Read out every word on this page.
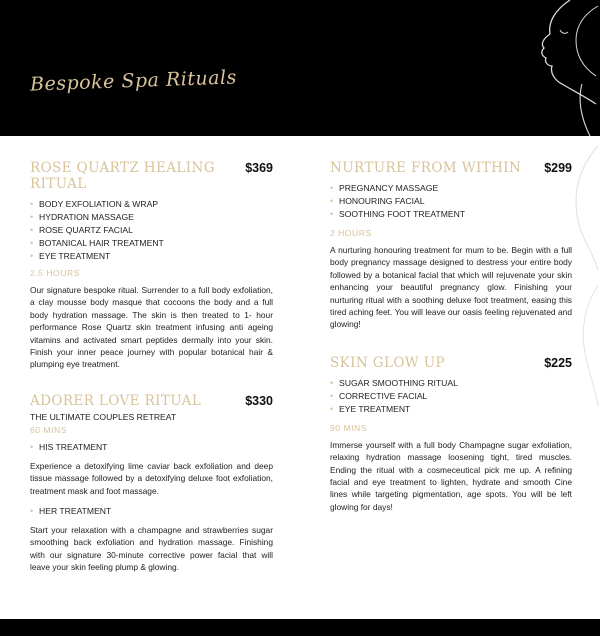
Bespoke Spa Rituals
ROSE QUARTZ HEALING RITUAL
$369
• BODY EXFOLIATION & WRAP
• HYDRATION MASSAGE
• ROSE QUARTZ FACIAL
• BOTANICAL HAIR TREATMENT
• EYE TREATMENT
2.5 HOURS

Our signature bespoke ritual. Surrender to a full body exfoliation, a clay mousse body masque that cocoons the body and a full body hydration massage. The skin is then treated to 1- hour performance Rose Quartz skin treatment infusing anti ageing vitamins and activated smart peptides dermally into your skin. Finish your inner peace journey with popular botanical hair & plumping eye treatment.

ADORER LOVE RITUAL	$330
THE ULTIMATE COUPLES RETREAT
60 MINS
• HIS TREATMENT

Experience a detoxifying lime caviar back exfoliation and deep tissue massage followed by a detoxifying deluxe foot exfoliation, treatment mask and foot massage.

• HER TREATMENT

Start your relaxation with a champagne and strawberries sugar smoothing back exfoliation and hydration massage. Finishing with our signature 30-minute corrective power facial that will leave your skin feeling plump & glowing.

NURTURE FROM WITHIN $299
• PREGNANCY MASSAGE
• HONOURING FACIAL
• SOOTHING FOOT TREATMENT
2 HOURS

A nurturing honouring treatment for mum to be. Begin with a full body pregnancy massage designed to destress your entire body followed by a botanical facial that which will rejuvenate your skin enhancing your beautiful pregnancy glow. Finishing your nurturing ritual with a soothing deluxe foot treatment, easing this tired aching feet. You will leave our oasis feeling rejuvenated and glowing!

SKIN GLOW UP	$225
• SUGAR SMOOTHING RITUAL
• CORRECTIVE FACIAL
• EYE TREATMENT
90 MINS

Immerse yourself with a full body Champagne sugar exfoliation, relaxing hydration massage loosening tight, tired muscles. Ending the ritual with a cosmeceutical pick me up. A refining facial and eye treatment to lighten, hydrate and smooth Cine lines while targeting pigmentation, age spots. You will be left glowing for days!
